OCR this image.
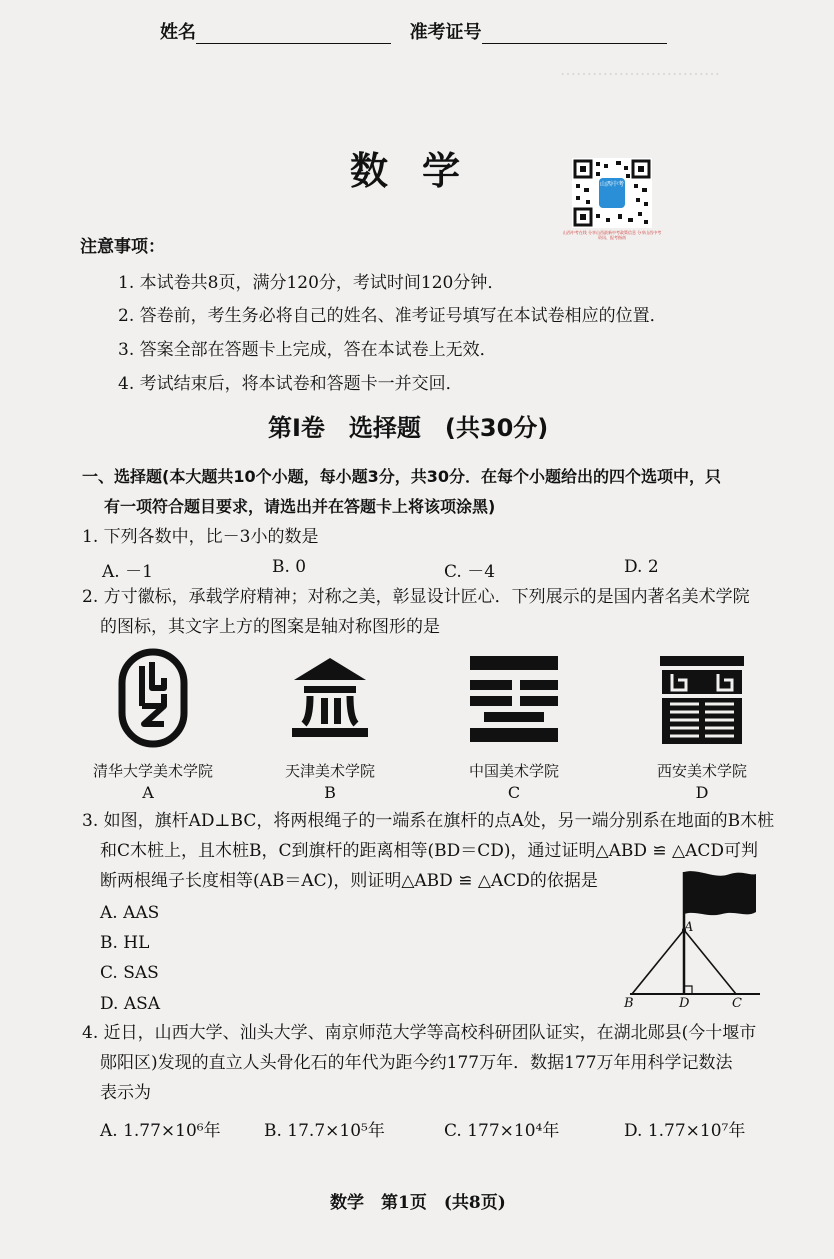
…………………………
姓名	准考证号
数学	山西中考
山西中考在线 分享山西最新中考政策信息 分享山西中考资讯、报考指南
注意事项：
1. 本试卷共8页，满分120分，考试时间120分钟．
2. 答卷前，考生务必将自己的姓名、准考证号填写在本试卷相应的位置．
3. 答案全部在答题卡上完成，答在本试卷上无效．
4. 考试结束后，将本试卷和答题卡一并交回．
第Ⅰ卷　选择题　(共30分)
一、选择题(本大题共10个小题，每小题3分，共30分．在每个小题给出的四个选项中，只
有一项符合题目要求，请选出并在答题卡上将该项涂黑)
1. 下列各数中，比－3小的数是
A. －1	B. 0	C. －4	D. 2
2. 方寸徽标，承载学府精神；对称之美，彰显设计匠心．下列展示的是国内著名美术学院
的图标，其文字上方的图案是轴对称图形的是
清华大学美术学院
A
天津美术学院
B
中国美术学院
C
西安美术学院
D
3. 如图，旗杆AD⊥BC，将两根绳子的一端系在旗杆的点A处，另一端分别系在地面的B木桩
和C木桩上，且木桩B，C到旗杆的距离相等(BD＝CD)，通过证明△ABD ≌ △ACD可判
断两根绳子长度相等(AB＝AC)，则证明△ABD ≌ △ACD的依据是
A. AAS
B. HL
C. SAS
D. ASA
A
B	D	C
4. 近日，山西大学、汕头大学、南京师范大学等高校科研团队证实，在湖北郧县(今十堰市
郧阳区)发现的直立人头骨化石的年代为距今约177万年．数据177万年用科学记数法
表示为
A. 1.77×10⁶年	B. 17.7×10⁵年	C. 177×10⁴年	D. 1.77×10⁷年
数学　第1页　(共8页)
